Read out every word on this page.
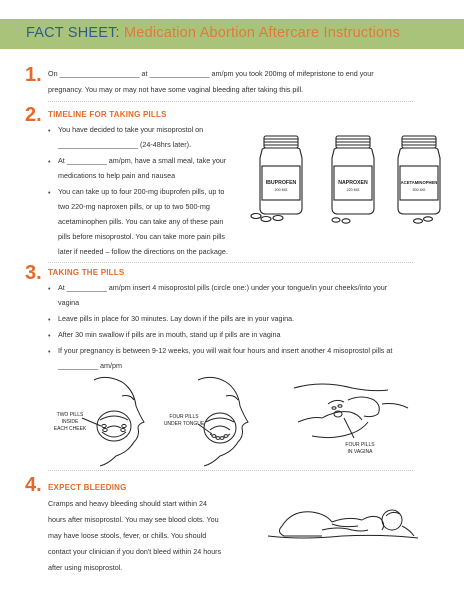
FACT SHEET: Medication Abortion Aftercare Instructions
1. On ____________________ at _______________ am/pm you took 200mg of mifepristone to end your
pregnancy. You may or may not have some vaginal bleeding after taking this pill.
2. TIMELINE FOR TAKING PILLS
• You have decided to take your misoprostol on
____________________ (24-48hrs later).
• At __________ am/pm, have a small meal, take your
medications to help pain and nausea
• You can take up to four 200-mg ibuprofen pills, up to
two 220-mg naproxen pills, or up to two 500-mg
acetaminophen pills. You can take any of these pain
pills before misoprostol. You can take more pain pills
later if needed – follow the directions on the package.
IBUPROFEN
200 MG
NAPROXEN
220 MG
ACETAMINOPHEN
500 MG
3. TAKING THE PILLS
• At __________ am/pm insert 4 misoprostol pills (circle one:) under your tongue/in your cheeks/into your
vagina
• Leave pills in place for 30 minutes. Lay down if the pills are in your vagina.
• After 30 min swallow if pills are in mouth, stand up if pills are in vagina
• If your pregnancy is between 9-12 weeks, you will wait four hours and insert another 4 misoprostol pills at
__________ am/pm
TWO PILLS
INSIDE
EACH CHEEK
FOUR PILLS
UNDER TONGUE
FOUR PILLS
IN VAGINA
4. EXPECT BLEEDING
Cramps and heavy bleeding should start within 24
hours after misoprostol. You may see blood clots. You
may have loose stools, fever, or chills. You should
contact your clinician if you don't bleed within 24 hours
after using misoprostol.
